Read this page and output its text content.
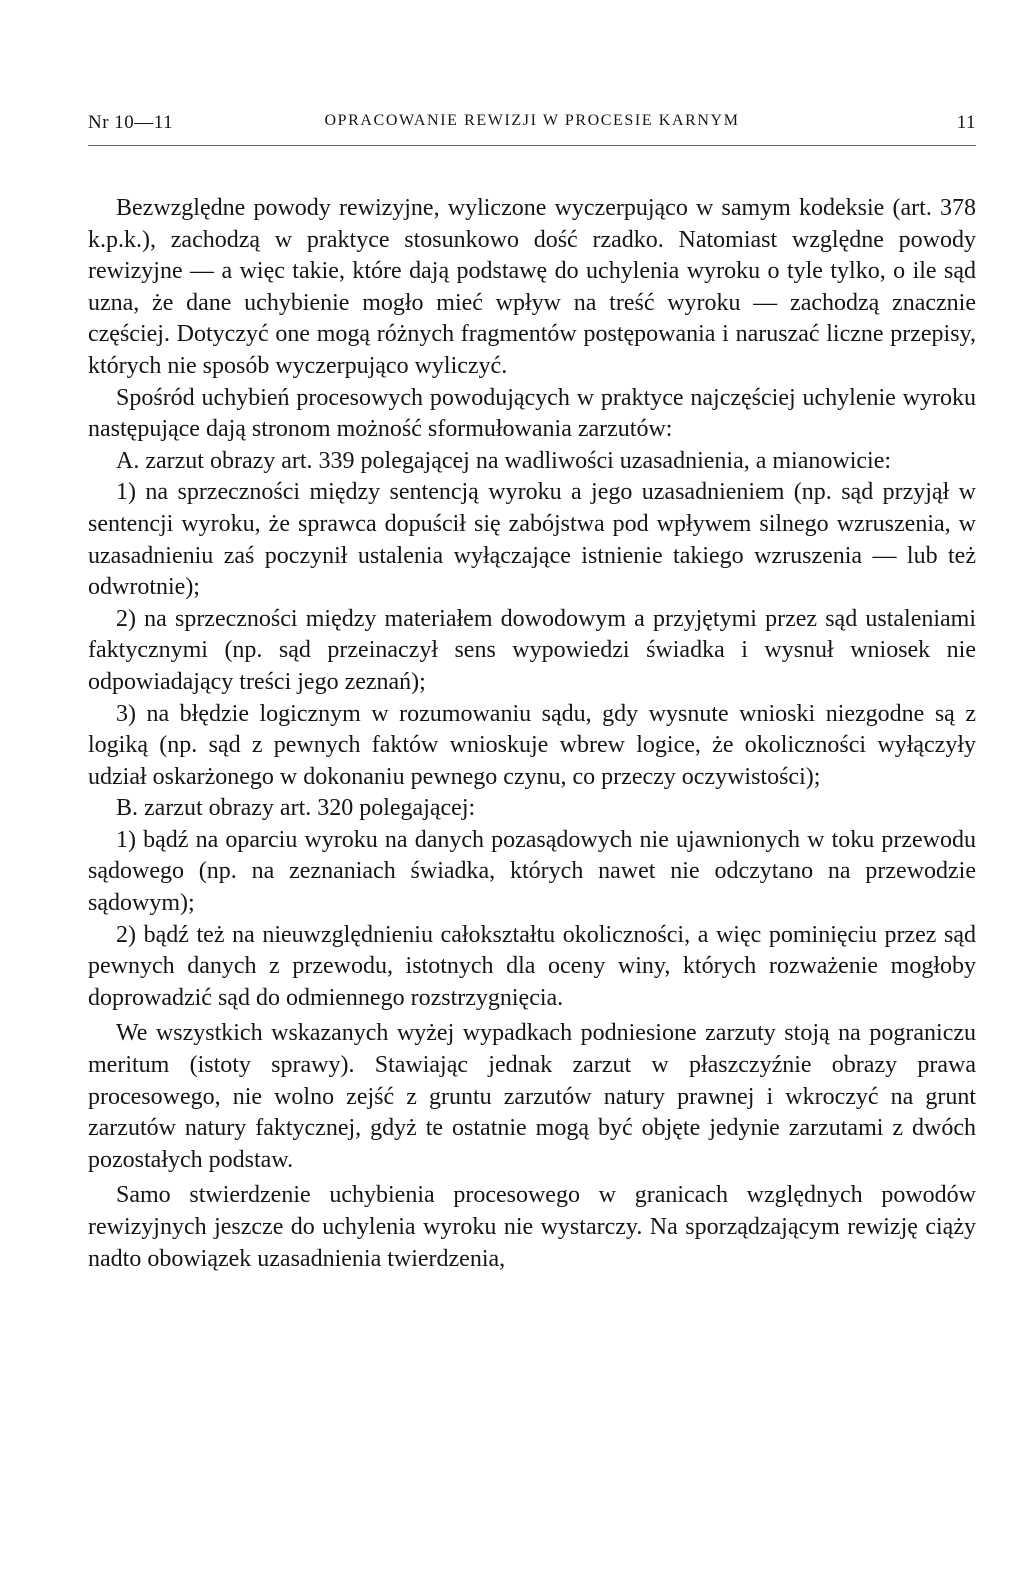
Nr 10—11	OPRACOWANIE REWIZJI W PROCESIE KARNYM	11

Bezwzględne powody rewizyjne, wyliczone wyczerpująco w samym kodeksie (art. 378 k.p.k.), zachodzą w praktyce stosunkowo dość rzadko. Natomiast względne powody rewizyjne — a więc takie, które dają podstawę do uchylenia wyroku o tyle tylko, o ile sąd uzna, że dane uchybienie mogło mieć wpływ na treść wyroku — zachodzą znacznie częściej. Dotyczyć one mogą różnych fragmentów postępowania i naruszać liczne przepisy, których nie sposób wyczerpująco wyliczyć.

Spośród uchybień procesowych powodujących w praktyce najczęściej uchylenie wyroku następujące dają stronom możność sformułowania zarzutów:

A. zarzut obrazy art. 339 polegającej na wadliwości uzasadnienia, a mianowicie:

1) na sprzeczności między sentencją wyroku a jego uzasadnieniem (np. sąd przyjął w sentencji wyroku, że sprawca dopuścił się zabójstwa pod wpływem silnego wzruszenia, w uzasadnieniu zaś poczynił ustalenia wyłączające istnienie takiego wzruszenia — lub też odwrotnie);

2) na sprzeczności między materiałem dowodowym a przyjętymi przez sąd ustaleniami faktycznymi (np. sąd przeinaczył sens wypowiedzi świadka i wysnuł wniosek nie odpowiadający treści jego zeznań);

3) na błędzie logicznym w rozumowaniu sądu, gdy wysnute wnioski niezgodne są z logiką (np. sąd z pewnych faktów wnioskuje wbrew logice, że okoliczności wyłączyły udział oskarżonego w dokonaniu pewnego czynu, co przeczy oczywistości);

B. zarzut obrazy art. 320 polegającej:

1) bądź na oparciu wyroku na danych pozasądowych nie ujawnionych w toku przewodu sądowego (np. na zeznaniach świadka, których nawet nie odczytano na przewodzie sądowym);

2) bądź też na nieuwzględnieniu całokształtu okoliczności, a więc pominięciu przez sąd pewnych danych z przewodu, istotnych dla oceny winy, których rozważenie mogłoby doprowadzić sąd do odmiennego rozstrzygnięcia.

We wszystkich wskazanych wyżej wypadkach podniesione zarzuty stoją na pograniczu meritum (istoty sprawy). Stawiając jednak zarzut w płaszczyźnie obrazy prawa procesowego, nie wolno zejść z gruntu zarzutów natury prawnej i wkroczyć na grunt zarzutów natury faktycznej, gdyż te ostatnie mogą być objęte jedynie zarzutami z dwóch pozostałych podstaw.

Samo stwierdzenie uchybienia procesowego w granicach względnych powodów rewizyjnych jeszcze do uchylenia wyroku nie wystarczy. Na sporządzającym rewizję ciąży nadto obowiązek uzasadnienia twierdzenia,
